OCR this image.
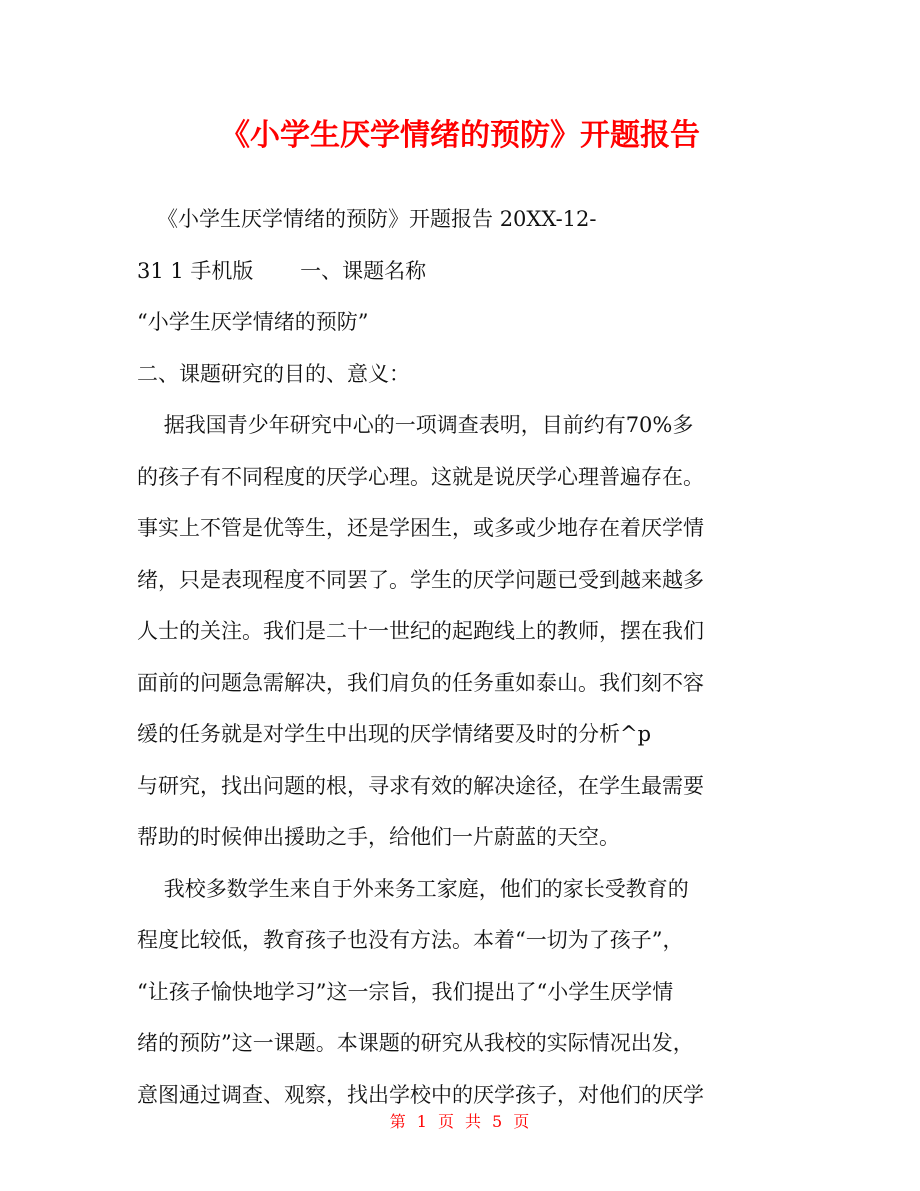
《小学生厌学情绪的预防》开题报告
《小学生厌学情绪的预防》开题报告 20XX-12-
31 1 手机版       一、课题名称
“小学生厌学情绪的预防”
二、课题研究的目的、意义：
据我国青少年研究中心的一项调查表明，目前约有70%多
的孩子有不同程度的厌学心理。这就是说厌学心理普遍存在。
事实上不管是优等生，还是学困生，或多或少地存在着厌学情
绪，只是表现程度不同罢了。学生的厌学问题已受到越来越多
人士的关注。我们是二十一世纪的起跑线上的教师，摆在我们
面前的问题急需解决，我们肩负的任务重如泰山。我们刻不容
缓的任务就是对学生中出现的厌学情绪要及时的分析^p
与研究，找出问题的根，寻求有效的解决途径，在学生最需要
帮助的时候伸出援助之手，给他们一片蔚蓝的天空。
我校多数学生来自于外来务工家庭，他们的家长受教育的
程度比较低，教育孩子也没有方法。本着“一切为了孩子”，
“让孩子愉快地学习”这一宗旨，我们提出了“小学生厌学情
绪的预防”这一课题。本课题的研究从我校的实际情况出发，
意图通过调查、观察，找出学校中的厌学孩子，对他们的厌学
第 1 页 共 5 页
